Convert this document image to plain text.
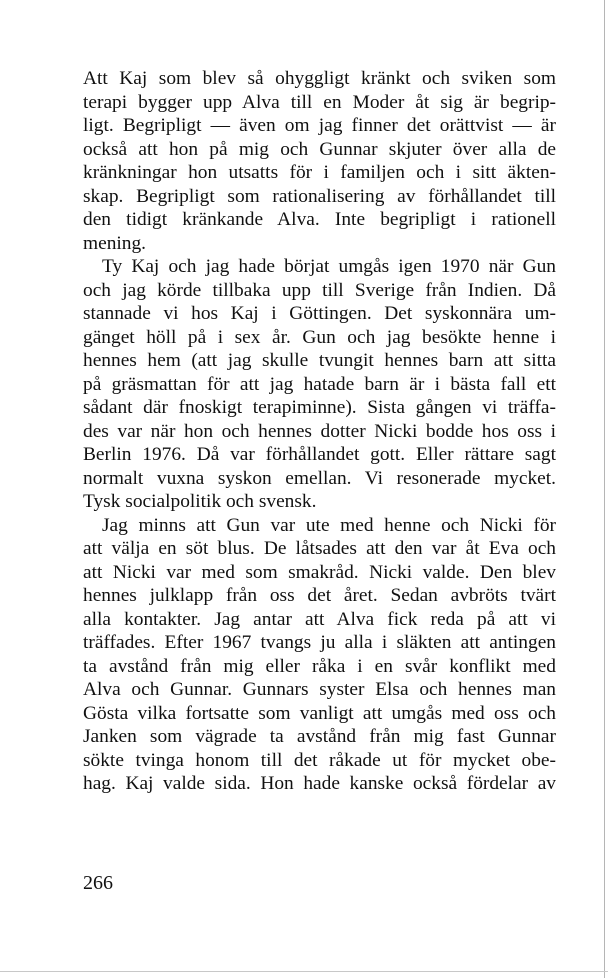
Att Kaj som blev så ohyggligt kränkt och sviken som
terapi bygger upp Alva till en Moder åt sig är begrip-
ligt. Begripligt — även om jag finner det orättvist — är
också att hon på mig och Gunnar skjuter över alla de
kränkningar hon utsatts för i familjen och i sitt äkten-
skap. Begripligt som rationalisering av förhållandet till
den tidigt kränkande Alva. Inte begripligt i rationell
mening.
Ty Kaj och jag hade börjat umgås igen 1970 när Gun
och jag körde tillbaka upp till Sverige från Indien. Då
stannade vi hos Kaj i Göttingen. Det syskonnära um-
gänget höll på i sex år. Gun och jag besökte henne i
hennes hem (att jag skulle tvungit hennes barn att sitta
på gräsmattan för att jag hatade barn är i bästa fall ett
sådant där fnoskigt terapiminne). Sista gången vi träffa-
des var när hon och hennes dotter Nicki bodde hos oss i
Berlin 1976. Då var förhållandet gott. Eller rättare sagt
normalt vuxna syskon emellan. Vi resonerade mycket.
Tysk socialpolitik och svensk.
Jag minns att Gun var ute med henne och Nicki för
att välja en söt blus. De låtsades att den var åt Eva och
att Nicki var med som smakråd. Nicki valde. Den blev
hennes julklapp från oss det året. Sedan avbröts tvärt
alla kontakter. Jag antar att Alva fick reda på att vi
träffades. Efter 1967 tvangs ju alla i släkten att antingen
ta avstånd från mig eller råka i en svår konflikt med
Alva och Gunnar. Gunnars syster Elsa och hennes man
Gösta vilka fortsatte som vanligt att umgås med oss och
Janken som vägrade ta avstånd från mig fast Gunnar
sökte tvinga honom till det råkade ut för mycket obe-
hag. Kaj valde sida. Hon hade kanske också fördelar av
266
